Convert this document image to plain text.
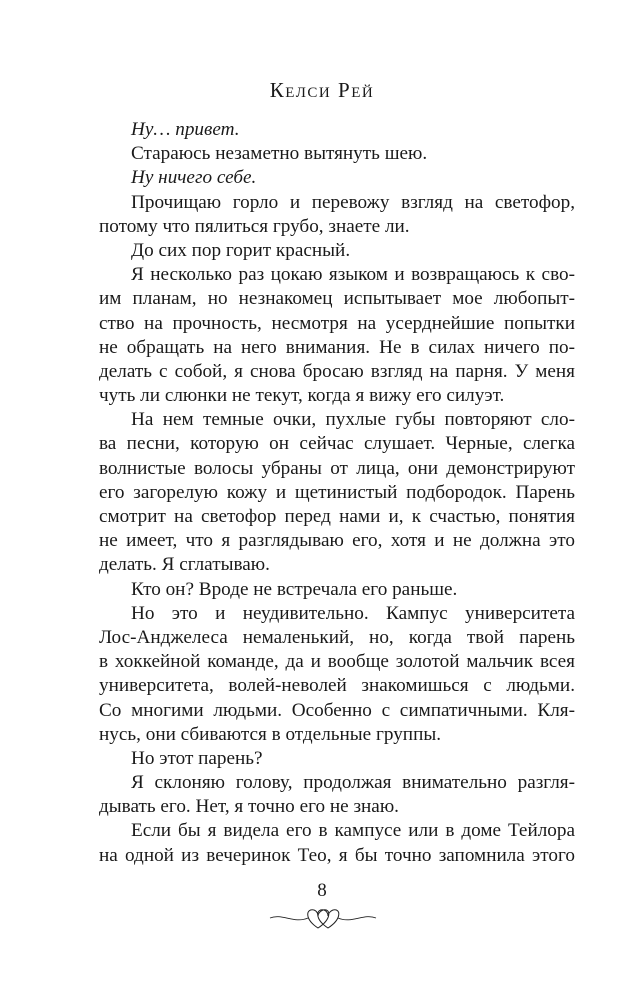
Келси Рей

Ну… привет.

Стараюсь незаметно вытянуть шею.

Ну ничего себе.

Прочищаю горло и перевожу взгляд на светофор,
потому что пялиться грубо, знаете ли.

До сих пор горит красный.

Я несколько раз цокаю языком и возвращаюсь к сво-
им планам, но незнакомец испытывает мое любопыт-
ство на прочность, несмотря на усерднейшие попытки
не обращать на него внимания. Не в силах ничего по-
делать с собой, я снова бросаю взгляд на парня. У меня
чуть ли слюнки не текут, когда я вижу его силуэт.

На нем темные очки, пухлые губы повторяют сло-
ва песни, которую он сейчас слушает. Черные, слегка
волнистые волосы убраны от лица, они демонстрируют
его загорелую кожу и щетинистый подбородок. Парень
смотрит на светофор перед нами и, к счастью, понятия
не имеет, что я разглядываю его, хотя и не должна это
делать. Я сглатываю.

Кто он? Вроде не встречала его раньше.

Но это и неудивительно. Кампус университета
Лос-Анджелеса немаленький, но, когда твой парень
в хоккейной команде, да и вообще золотой мальчик всея
университета, волей-неволей знакомишься с людьми.
Со многими людьми. Особенно с симпатичными. Кля-
нусь, они сбиваются в отдельные группы.

Но этот парень?

Я склоняю голову, продолжая внимательно разгля-
дывать его. Нет, я точно его не знаю.

Если бы я видела его в кампусе или в доме Тейлора
на одной из вечеринок Тео, я бы точно запомнила этого

8
